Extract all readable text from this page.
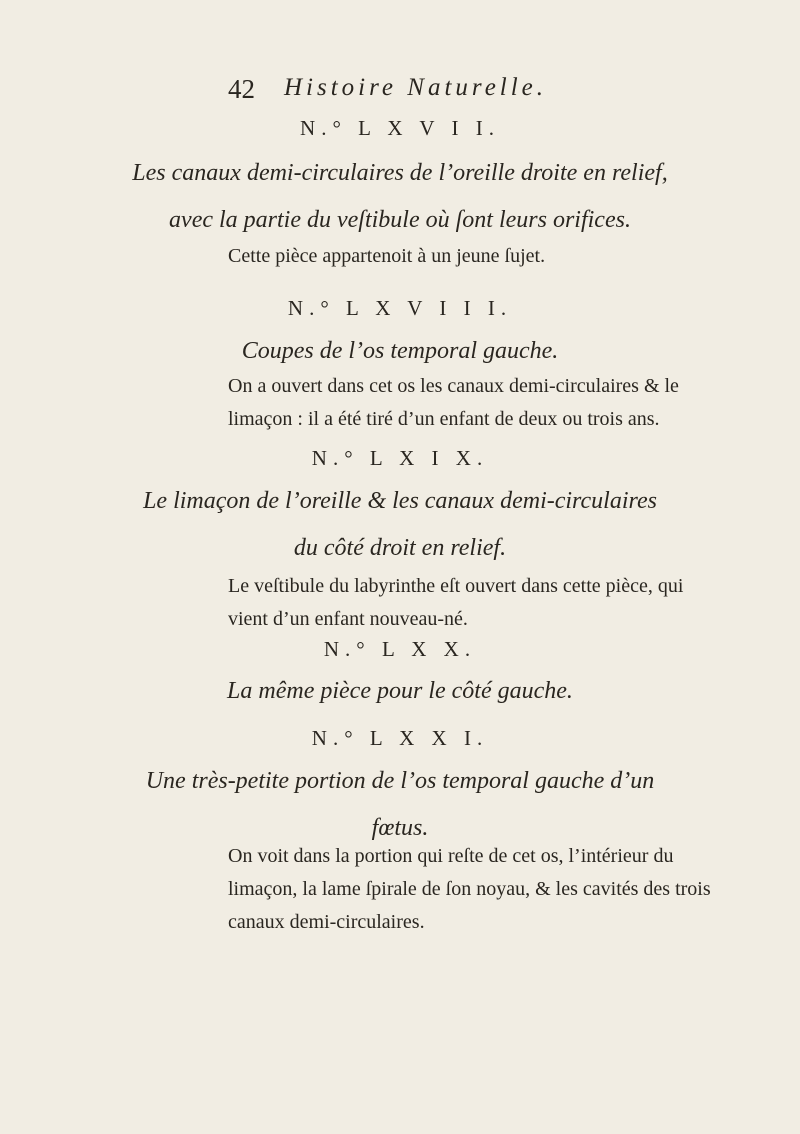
42 Histoire Naturelle.
N.° L X V I I.
Les canaux demi-circulaires de l’oreille droite en relief,
avec la partie du veſtibule où ſont leurs orifices.
Cette pièce appartenoit à un jeune ſujet.
N.° L X V I I I.
Coupes de l’os temporal gauche.
On a ouvert dans cet os les canaux demi-circulaires & le
limaçon : il a été tiré d’un enfant de deux ou trois ans.
N.° L X I X.
Le limaçon de l’oreille & les canaux demi-circulaires
du côté droit en relief.
Le veſtibule du labyrinthe eſt ouvert dans cette pièce, qui
vient d’un enfant nouveau-né.
N.° L X X.
La même pièce pour le côté gauche.
N.° L X X I.
Une très-petite portion de l’os temporal gauche d’un
fœtus.
On voit dans la portion qui reſte de cet os, l’intérieur du
limaçon, la lame ſpirale de ſon noyau, & les cavités des trois
canaux demi-circulaires.
